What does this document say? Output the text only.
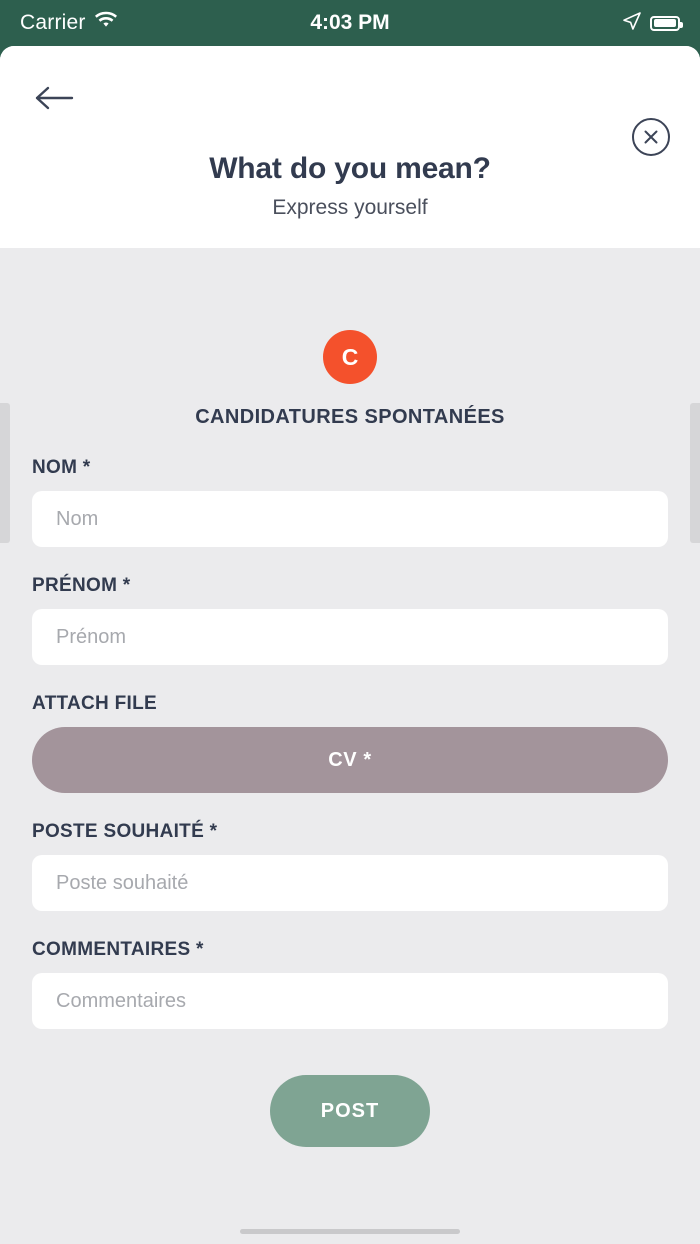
Carrier	4:03 PM
What do you mean?
Express yourself
C
CANDIDATURES SPONTANÉES
NOM *
Nom
PRÉNOM *
Prénom
ATTACH FILE
CV *
POSTE SOUHAITÉ *
Poste souhaité
COMMENTAIRES *
Commentaires
POST
